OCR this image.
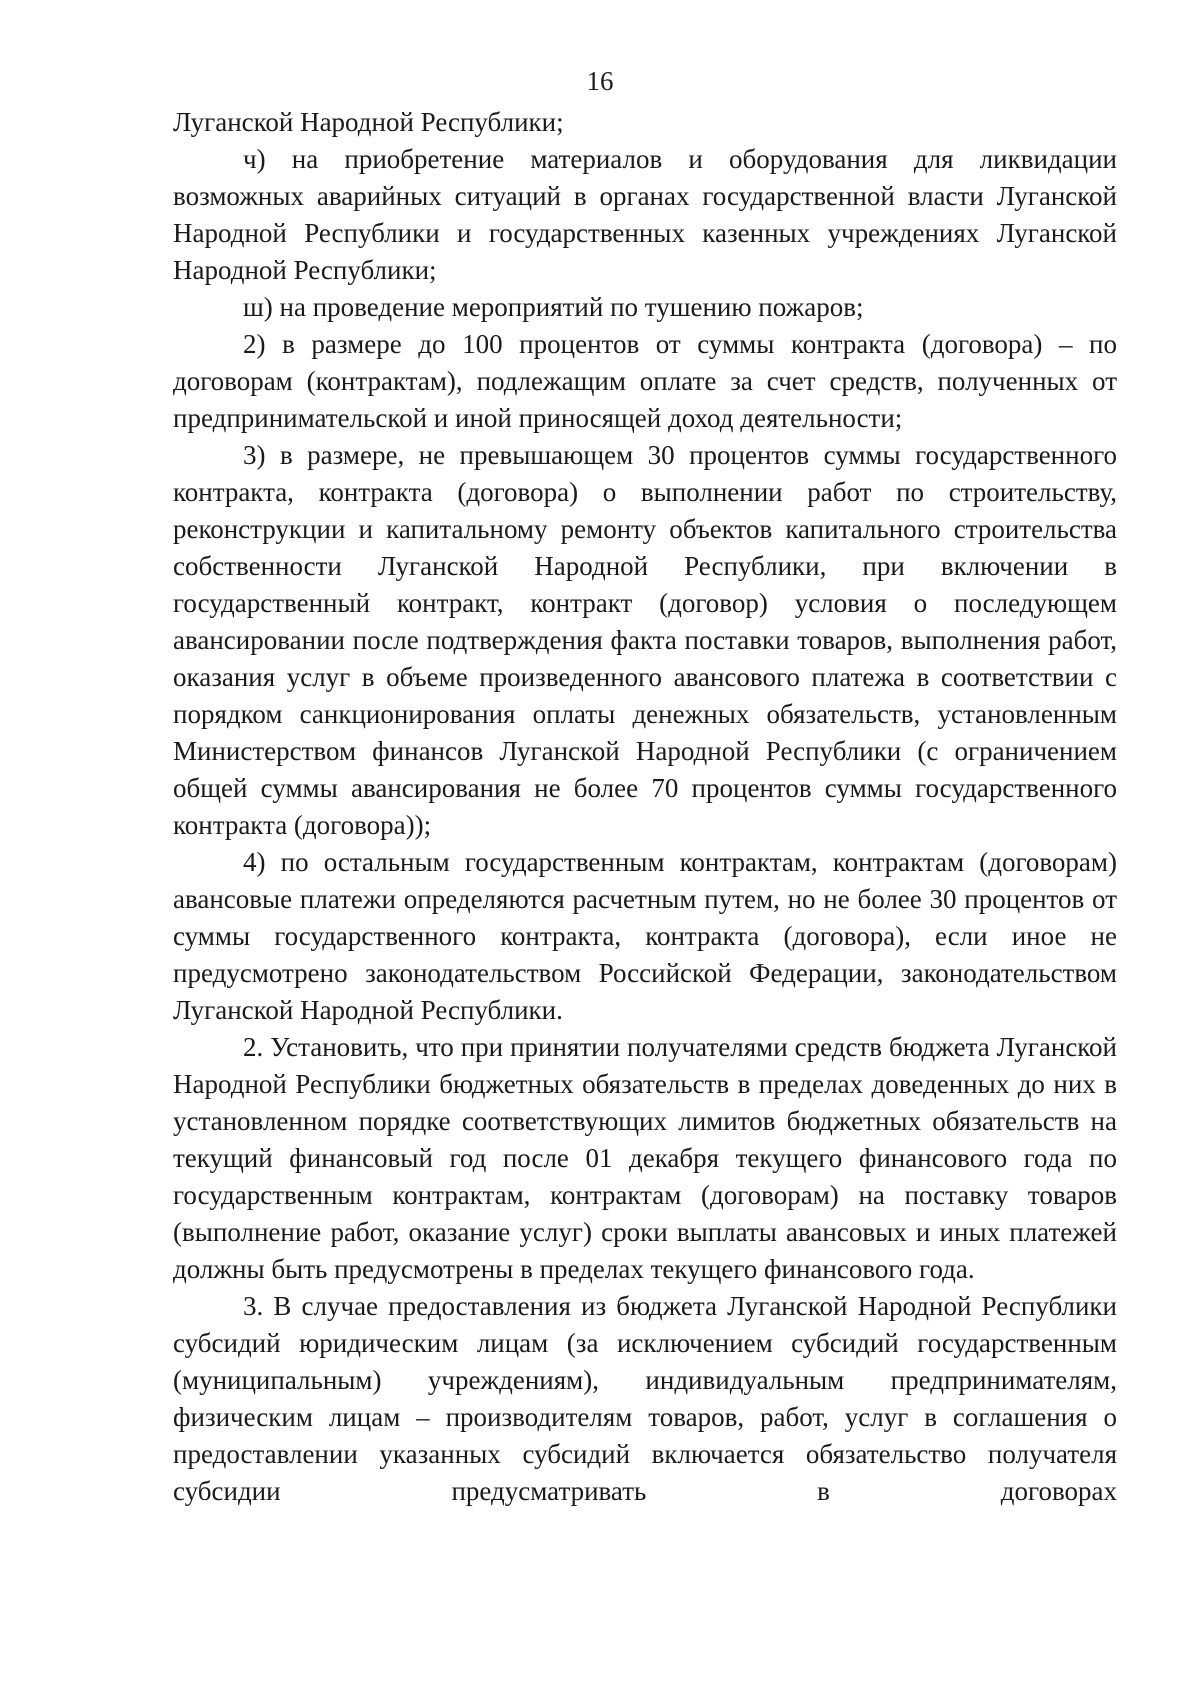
16

Луганской Народной Республики;

ч) на приобретение материалов и оборудования для ликвидации возможных аварийных ситуаций в органах государственной власти Луганской Народной Республики и государственных казенных учреждениях Луганской Народной Республики;

ш) на проведение мероприятий по тушению пожаров;

2) в размере до 100 процентов от суммы контракта (договора) – по договорам (контрактам), подлежащим оплате за счет средств, полученных от предпринимательской и иной приносящей доход деятельности;

3) в размере, не превышающем 30 процентов суммы государственного контракта, контракта (договора) о выполнении работ по строительству, реконструкции и капитальному ремонту объектов капитального строительства собственности Луганской Народной Республики, при включении в государственный контракт, контракт (договор) условия о последующем авансировании после подтверждения факта поставки товаров, выполнения работ, оказания услуг в объеме произведенного авансового платежа в соответствии с порядком санкционирования оплаты денежных обязательств, установленным Министерством финансов Луганской Народной Республики (с ограничением общей суммы авансирования не более 70 процентов суммы государственного контракта (договора));

4) по остальным государственным контрактам, контрактам (договорам) авансовые платежи определяются расчетным путем, но не более 30 процентов от суммы государственного контракта, контракта (договора), если иное не предусмотрено законодательством Российской Федерации, законодательством Луганской Народной Республики.

2. Установить, что при принятии получателями средств бюджета Луганской Народной Республики бюджетных обязательств в пределах доведенных до них в установленном порядке соответствующих лимитов бюджетных обязательств на текущий финансовый год после 01 декабря текущего финансового года по государственным контрактам, контрактам (договорам) на поставку товаров (выполнение работ, оказание услуг) сроки выплаты авансовых и иных платежей должны быть предусмотрены в пределах текущего финансового года.

3. В случае предоставления из бюджета Луганской Народной Республики субсидий юридическим лицам (за исключением субсидий государственным (муниципальным) учреждениям), индивидуальным предпринимателям, физическим лицам – производителям товаров, работ, услуг в соглашения о предоставлении указанных субсидий включается обязательство получателя субсидии предусматривать в договорах
